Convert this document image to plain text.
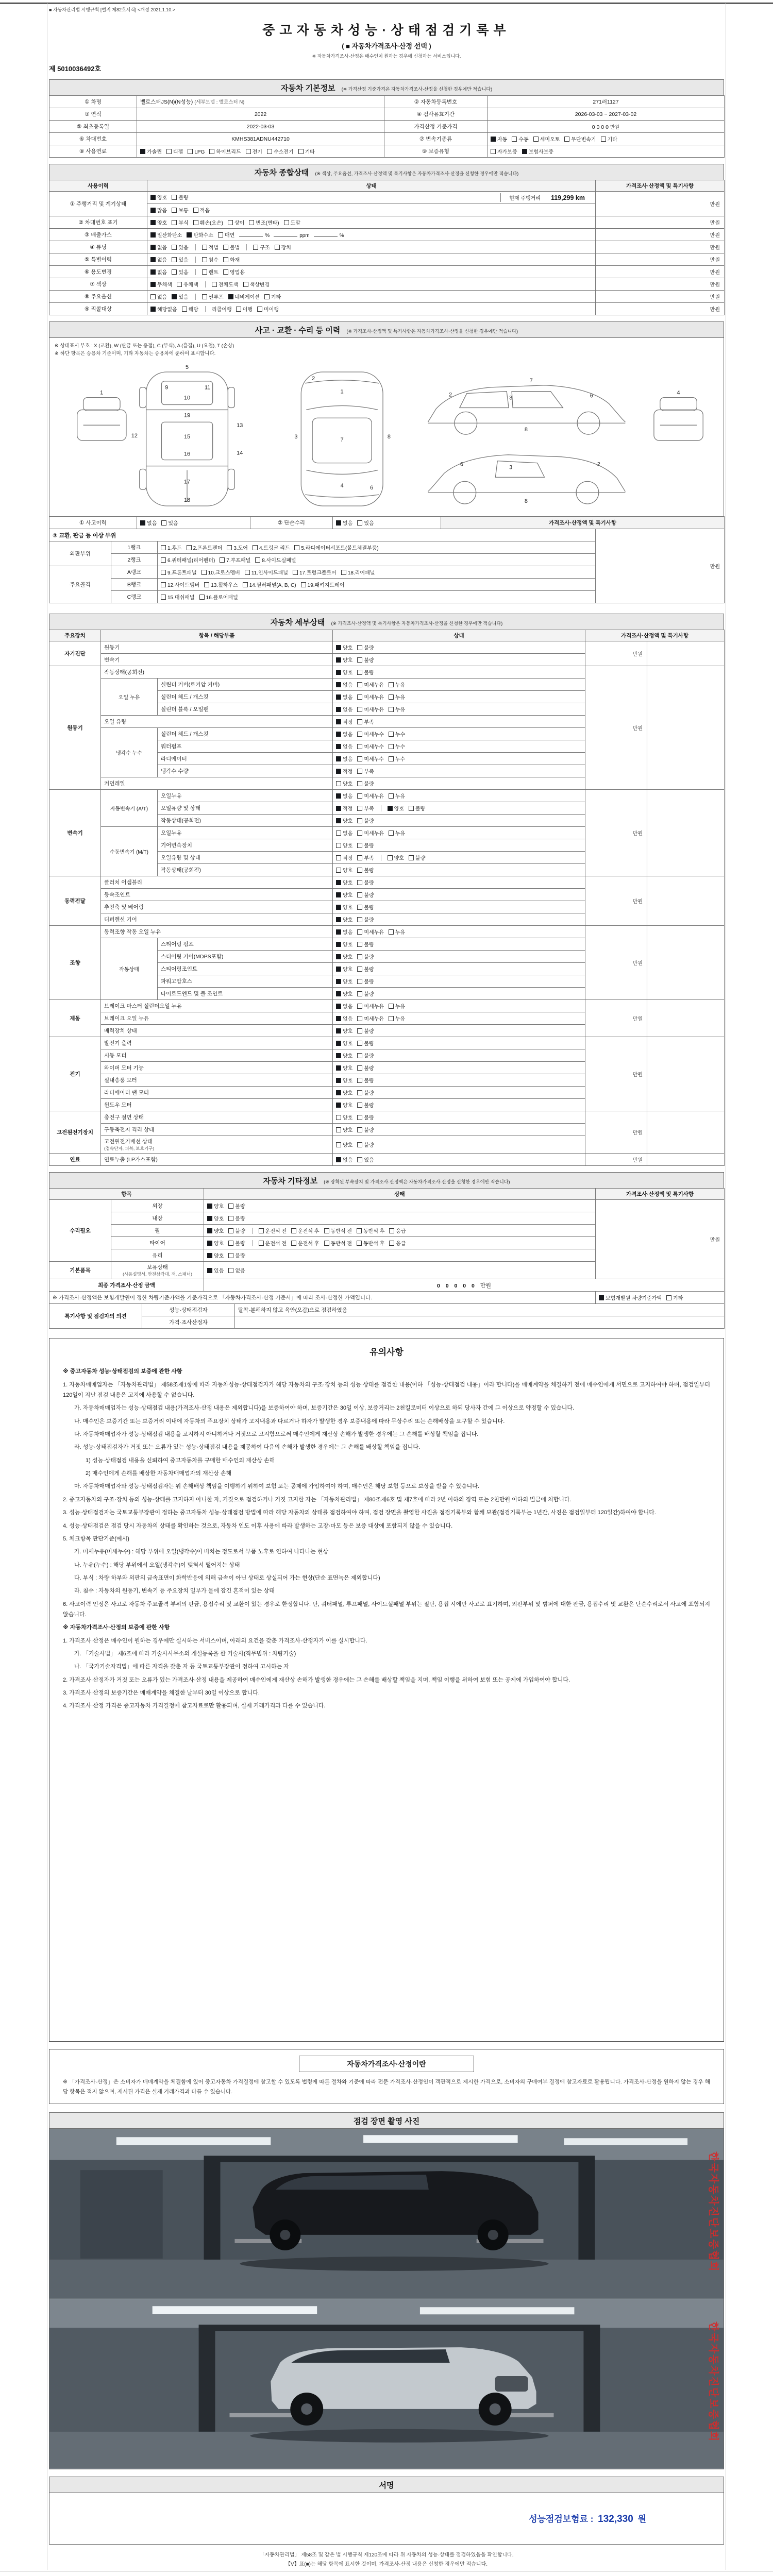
■ 자동차관리법 시행규칙 [별지 제82호서식] <개정 2021.1.10.>
중고자동차성능·상태점검기록부
( ■ 자동차가격조사·산정 선택 )
※ 자동차가격조사·산정은 매수인이 원하는 경우에 신청하는 서비스입니다.
제 5010036492호
자동차 기본정보 (※ 가격산정 기준가격은 자동차가격조사·산정을 신청한 경우에만 적습니다)
① 차명	벨로스터JS(N)(N성능) (세부모델 : 벨로스터 N)	② 자동차등록번호	271러1127
③ 연식	2022	④ 검사유효기간	2026-03-03 ~ 2027-03-02
⑤ 최초등록일	2022-03-03	가격산정 기준가격	0 0 0 0 만원
⑥ 차대번호	KMHS381ADNU442710	⑦ 변속기종류	자동 수동 세미오토 무단변속기 기타
⑧ 사용연료	가솔린 디젤 LPG 하이브리드 전기 수소전기 기타	⑨ 보증유형	자가보증 보험사보증
자동차 종합상태 (※ 색상, 주요옵션, 가격조사·산정액 및 특기사항은 자동차가격조사·산정을 신청한 경우에만 적습니다)
사용이력	상태	가격조사·산정액 및 특기사항
① 주행거리 및 계기상태	양호 불량 현재 주행거리 119,299 km	만원
	많음 보통 적음	
② 차대번호 표기	양호 부식 훼손(오손) 상이 변조(변타) 도말	만원
③ 배출가스	일산화탄소 탄화수소 매연 % ppm %	만원
④ 튜닝	없음 있음 적법 불법 구조 장치	만원
⑤ 특별이력	없음 있음 침수 화재	만원
⑥ 용도변경	없음 있음 렌트 영업용	만원
⑦ 색상	무채색 유채색 전체도색 색상변경	만원
⑧ 주요옵션	없음 있음 썬루프 네비게이션 기타	만원
⑨ 리콜대상	해당없음 해당 리콜이행 이행 미이행	만원
사고 · 교환 · 수리 등 이력 (※ 가격조사·산정액 및 특기사항은 자동차가격조사·산정을 신청한 경우에만 적습니다)
※ 상태표시 부호 : X (교환), W (판금 또는 용접), C (부식), A (흠집), U (요철), T (손상)
※ 하단 항목은 승용차 기준이며, 기타 자동차는 승용차에 준하여 표시합니다.
1
5
9
10
11
19
12
13
14
15
16
17
18
1
2
3
4	6
7	8
2	3	6
7
8
6	3	2
8
4
① 사고이력	없음 있음	② 단순수리	없음 있음	가격조사·산정액 및 특기사항
③ 교환, 판금 등 이상 부위			만원
외판부위	1랭크	1.후드 2.프론트펜더 3.도어 4.트렁크 리드 5.라디에이터서포트(볼트체결부품)	
	2랭크	6.쿼터패널(리어펜더) 7.루프패널 8.사이드실패널	
주요골격	A랭크	9.프론트패널 10.크로스멤버 11.인사이드패널 17.트렁크플로어 18.리어패널	
	B랭크	12.사이드멤버 13.휠하우스 14.필러패널(A, B, C) 19.패키지트레이	
	C랭크	15.대쉬패널 16.플로어패널	
자동차 세부상태 (※ 가격조사·산정액 및 특기사항은 자동차가격조사·산정을 신청한 경우에만 적습니다)
주요장치	항목 / 해당부품		상태	가격조사·산정액 및 특기사항	
자기진단	원동기		양호 불량	만원	
	변속기		양호 불량		
원동기	작동상태(공회전)		양호 불량	만원	
	오일 누유	실린더 커버(로커암 커버)	없음 미세누유 누유		
		실린더 헤드 / 개스킷	없음 미세누유 누유		
		실린더 블록 / 오일팬	없음 미세누유 누유		
	오일 유량		적정 부족		
	냉각수 누수	실린더 헤드 / 개스킷	없음 미세누수 누수		
		워터펌프	없음 미세누수 누수		
		라디에이터	없음 미세누수 누수		
		냉각수 수량	적정 부족		
	커먼레일		양호 불량		
변속기	자동변속기 (A/T)	오일누유	없음 미세누유 누유	만원	
		오일유량 및 상태	적정 부족 양호 불량		
		작동상태(공회전)	양호 불량		
	수동변속기 (M/T)	오일누유	없음 미세누유 누유		
		기어변속장치	양호 불량		
		오일유량 및 상태	적정 부족 양호 불량		
		작동상태(공회전)	양호 불량		
동력전달	클러치 어셈블리		양호 불량	만원	
	등속조인트		양호 불량		
	추진축 및 베어링		양호 불량		
	디퍼렌셜 기어		양호 불량		
조향	동력조향 작동 오일 누유		없음 미세누유 누유	만원	
	작동상태	스티어링 펌프	양호 불량		
		스티어링 기어(MDPS포함)	양호 불량		
		스티어링조인트	양호 불량		
		파워고압호스	양호 불량		
		타이로드엔드 및 볼 조인트	양호 불량		
제동	브레이크 마스터 실린더오일 누유		없음 미세누유 누유	만원	
	브레이크 오일 누유		없음 미세누유 누유		
	배력장치 상태		양호 불량		
전기	발전기 출력		양호 불량	만원	
	시동 모터		양호 불량		
	와이퍼 모터 기능		양호 불량		
	실내송풍 모터		양호 불량		
	라디에이터 팬 모터		양호 불량		
	윈도우 모터		양호 불량		
고전원전기장치	충전구 절연 상태		양호 불량	만원	
	구동축전지 격리 상태		양호 불량		
	고전원전기배선 상태
(접속단자, 피복, 보호기구)		양호 불량		
연료	연료누출 (LP가스포함)		없음 있음	만원	
자동차 기타정보 (※ 장착된 부속장치 및 가격조사·산정액은 자동차가격조사·산정을 신청한 경우에만 적습니다)
항목		상태	가격조사·산정액 및 특기사항
수리필요	외장	양호 불량	만원
	내장	양호 불량	
	휠	양호 불량 운전석 전 운전석 후 동반석 전 동반석 후 응급	
	타이어	양호 불량 운전석 전 운전석 후 동반석 전 동반석 후 응급	
	유리	양호 불량	
기본품목	보유상태
(사용설명서, 안전삼각대, 잭, 스패너)	있음 없음	
최종 가격조사·산정 금액	0 0 0 0 0 만원
※ 가격조사·산정액은 보험개발원이 정한 차량기준가액을 기준가격으로 「자동차가격조사·산정 기준서」에 따라 조사·산정한 가액입니다.	보험개발원 차량기준가액 기타
특기사항 및 점검자의 의견	성능·상태점검자	탈착·분해하지 않고 육안(오감)으로 점검하였음
	가격·조사산정자	
유의사항
※ 중고자동차 성능·상태점검의 보증에 관한 사항
1. 자동차매매업자는 「자동차관리법」 제58조제1항에 따라 자동차성능·상태점검자가 해당 자동차의 구조·장치 등의 성능·상태를 점검한 내용(이하 「성능·상태점검 내용」이라 합니다)을 매매계약을 체결하기 전에 매수인에게 서면으로 고지하여야 하며, 점검일부터 120일이 지난 점검 내용은 고지에 사용할 수 없습니다.
가. 자동차매매업자는 성능·상태점검 내용(가격조사·산정 내용은 제외합니다)을 보증하여야 하며, 보증기간은 30일 이상, 보증거리는 2천킬로미터 이상으로 하되 당사자 간에 그 이상으로 약정할 수 있습니다.
나. 매수인은 보증기간 또는 보증거리 이내에 자동차의 주요장치 상태가 고지내용과 다르거나 하자가 발생한 경우 보증내용에 따라 무상수리 또는 손해배상을 요구할 수 있습니다.
다. 자동차매매업자가 성능·상태점검 내용을 고지하지 아니하거나 거짓으로 고지함으로써 매수인에게 재산상 손해가 발생한 경우에는 그 손해를 배상할 책임을 집니다.
라. 성능·상태점검자가 거짓 또는 오류가 있는 성능·상태점검 내용을 제공하여 다음의 손해가 발생한 경우에는 그 손해를 배상할 책임을 집니다.
1) 성능·상태점검 내용을 신뢰하여 중고자동차를 구매한 매수인의 재산상 손해
2) 매수인에게 손해를 배상한 자동차매매업자의 재산상 손해
마. 자동차매매업자와 성능·상태점검자는 위 손해배상 책임을 이행하기 위하여 보험 또는 공제에 가입하여야 하며, 매수인은 해당 보험 등으로 보상을 받을 수 있습니다.
2. 중고자동차의 구조·장치 등의 성능·상태를 고지하지 아니한 자, 거짓으로 점검하거나 거짓 고지한 자는 「자동차관리법」 제80조제6호 및 제7호에 따라 2년 이하의 징역 또는 2천만원 이하의 벌금에 처합니다.
3. 성능·상태점검자는 국토교통부장관이 정하는 중고자동차 성능·상태점검 방법에 따라 해당 자동차의 상태를 점검하여야 하며, 점검 장면을 촬영한 사진을 점검기록부와 함께 보관(점검기록부는 1년간, 사진은 점검일부터 120일간)하여야 합니다.
4. 성능·상태점검은 점검 당시 자동차의 상태를 확인하는 것으로, 자동차 인도 이후 사용에 따라 발생하는 고장·마모 등은 보증 대상에 포함되지 않을 수 있습니다.
5. 체크항목 판단기준(예시)
가. 미세누유(미세누수) : 해당 부위에 오일(냉각수)이 비치는 정도로서 부품 노후로 인하여 나타나는 현상
나. 누유(누수) : 해당 부위에서 오일(냉각수)이 맺혀서 떨어지는 상태
다. 부식 : 차량 하부와 외판의 금속표면이 화학반응에 의해 금속이 아닌 상태로 상실되어 가는 현상(단순 표면녹은 제외합니다)
라. 침수 : 자동차의 원동기, 변속기 등 주요장치 일부가 물에 잠긴 흔적이 있는 상태
6. 사고이력 인정은 사고로 자동차 주요골격 부위의 판금, 용접수리 및 교환이 있는 경우로 한정합니다. 단, 쿼터패널, 루프패널, 사이드실패널 부위는 절단, 용접 시에만 사고로 표기하며, 외판부위 및 범퍼에 대한 판금, 용접수리 및 교환은 단순수리로서 사고에 포함되지 않습니다.
※ 자동차가격조사·산정의 보증에 관한 사항
1. 가격조사·산정은 매수인이 원하는 경우에만 실시하는 서비스이며, 아래의 요건을 갖춘 가격조사·산정자가 이를 실시합니다.
가. 「기술사법」 제6조에 따라 기술사사무소의 개설등록을 한 기술사(직무범위 : 차량기술)
나. 「국가기술자격법」에 따른 자격을 갖춘 자 등 국토교통부장관이 정하여 고시하는 자
2. 가격조사·산정자가 거짓 또는 오류가 있는 가격조사·산정 내용을 제공하여 매수인에게 재산상 손해가 발생한 경우에는 그 손해를 배상할 책임을 지며, 책임 이행을 위하여 보험 또는 공제에 가입하여야 합니다.
3. 가격조사·산정의 보증기간은 매매계약을 체결한 날부터 30일 이상으로 합니다.
4. 가격조사·산정 가격은 중고자동차 가격결정에 참고자료로만 활용되며, 실제 거래가격과 다를 수 있습니다.
자동차가격조사·산정이란
※ 「가격조사·산정」은 소비자가 매매계약을 체결함에 있어 중고자동차 가격결정에 참고할 수 있도록 법령에 따른 절차와 기준에 따라 전문 가격조사·산정인이 객관적으로 제시한 가격으로, 소비자의 구매여부 결정에 참고자료로 활용됩니다. 가격조사·산정을 원하지 않는 경우 해당 항목은 적지 않으며, 제시된 가격은 실제 거래가격과 다를 수 있습니다.
점검 장면 촬영 사진
한국자동차진단보증협회
한국자동차진단보증협회
서명
성능점검보험료 : 132,330 원
「자동차관리법」 제58조 및 같은 법 시행규칙 제120조에 따라 위 자동차의 성능·상태를 점검하였음을 확인합니다.
【V】표(■)는 해당 항목에 표시한 것이며, 가격조사·산정 내용은 신청한 경우에만 적습니다.
